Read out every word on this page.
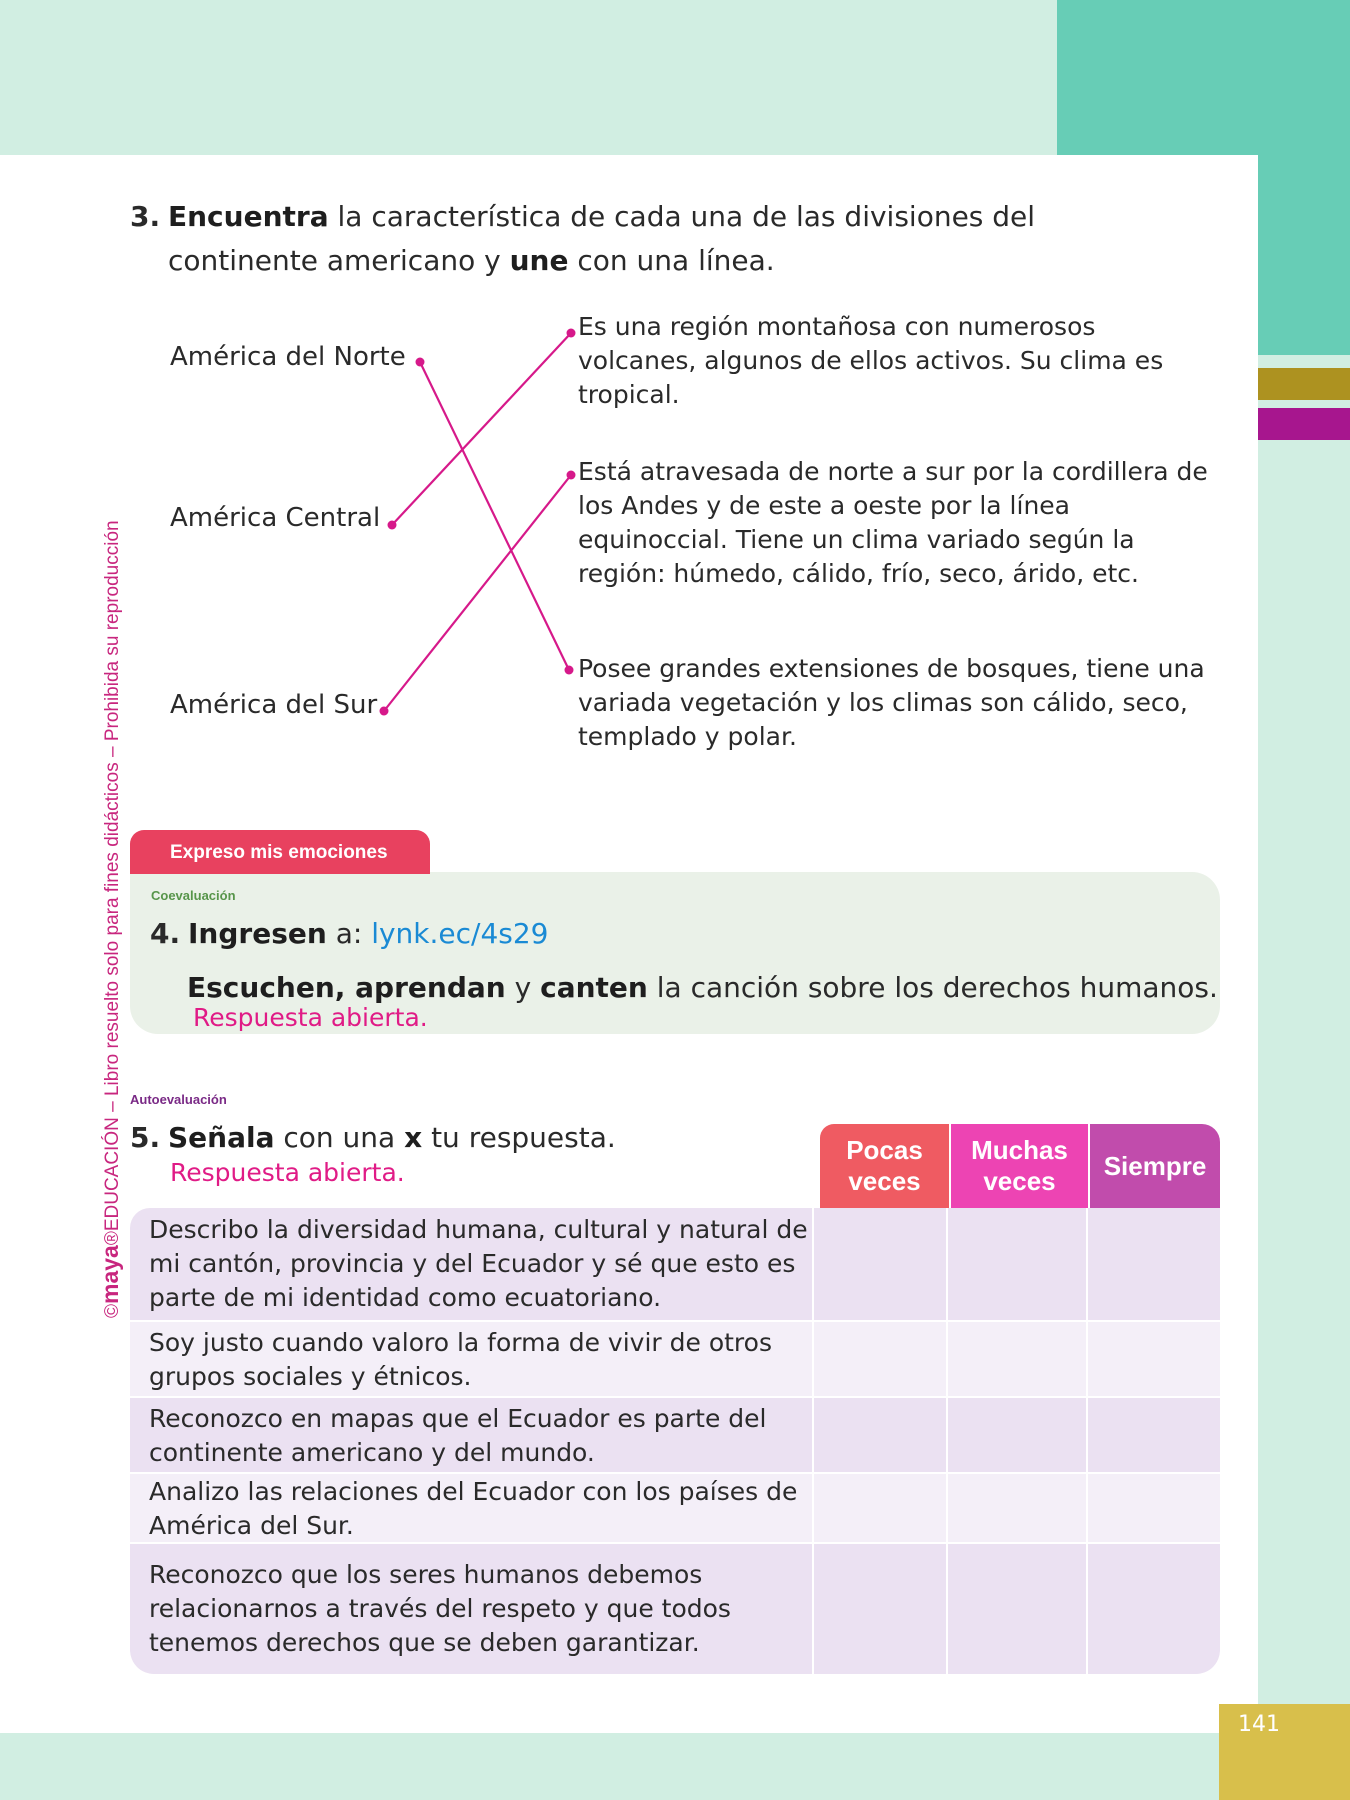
141
©maya®EDUCACIÓN – Libro resuelto solo para fines didácticos – Prohibida su reproducción
3. Encuentra la característica de cada una de las divisiones del
continente americano y une con una línea.
América del Norte
América Central
América del Sur
Es una región montañosa con numerosos volcanes, algunos de ellos activos. Su clima es tropical.
Está atravesada de norte a sur por la cordillera de los Andes y de este a oeste por la línea equinoccial. Tiene un clima variado según la región: húmedo, cálido, frío, seco, árido, etc.
Posee grandes extensiones de bosques, tiene una variada vegetación y los climas son cálido, seco, templado y polar.
Expreso mis emociones
Coevaluación
4. Ingresen a: lynk.ec/4s29
Escuchen, aprendan y canten la canción sobre los derechos humanos.
Respuesta abierta.
Autoevaluación
5. Señala con una x tu respuesta.
Respuesta abierta.
Pocas veces
Muchas veces
Siempre
Describo la diversidad humana, cultural y natural de mi cantón, provincia y del Ecuador y sé que esto es parte de mi identidad como ecuatoriano.
Soy justo cuando valoro la forma de vivir de otros grupos sociales y étnicos.
Reconozco en mapas que el Ecuador es parte del continente americano y del mundo.
Analizo las relaciones del Ecuador con los países de América del Sur.
Reconozco que los seres humanos debemos relacionarnos a través del respeto y que todos tenemos derechos que se deben garantizar.
